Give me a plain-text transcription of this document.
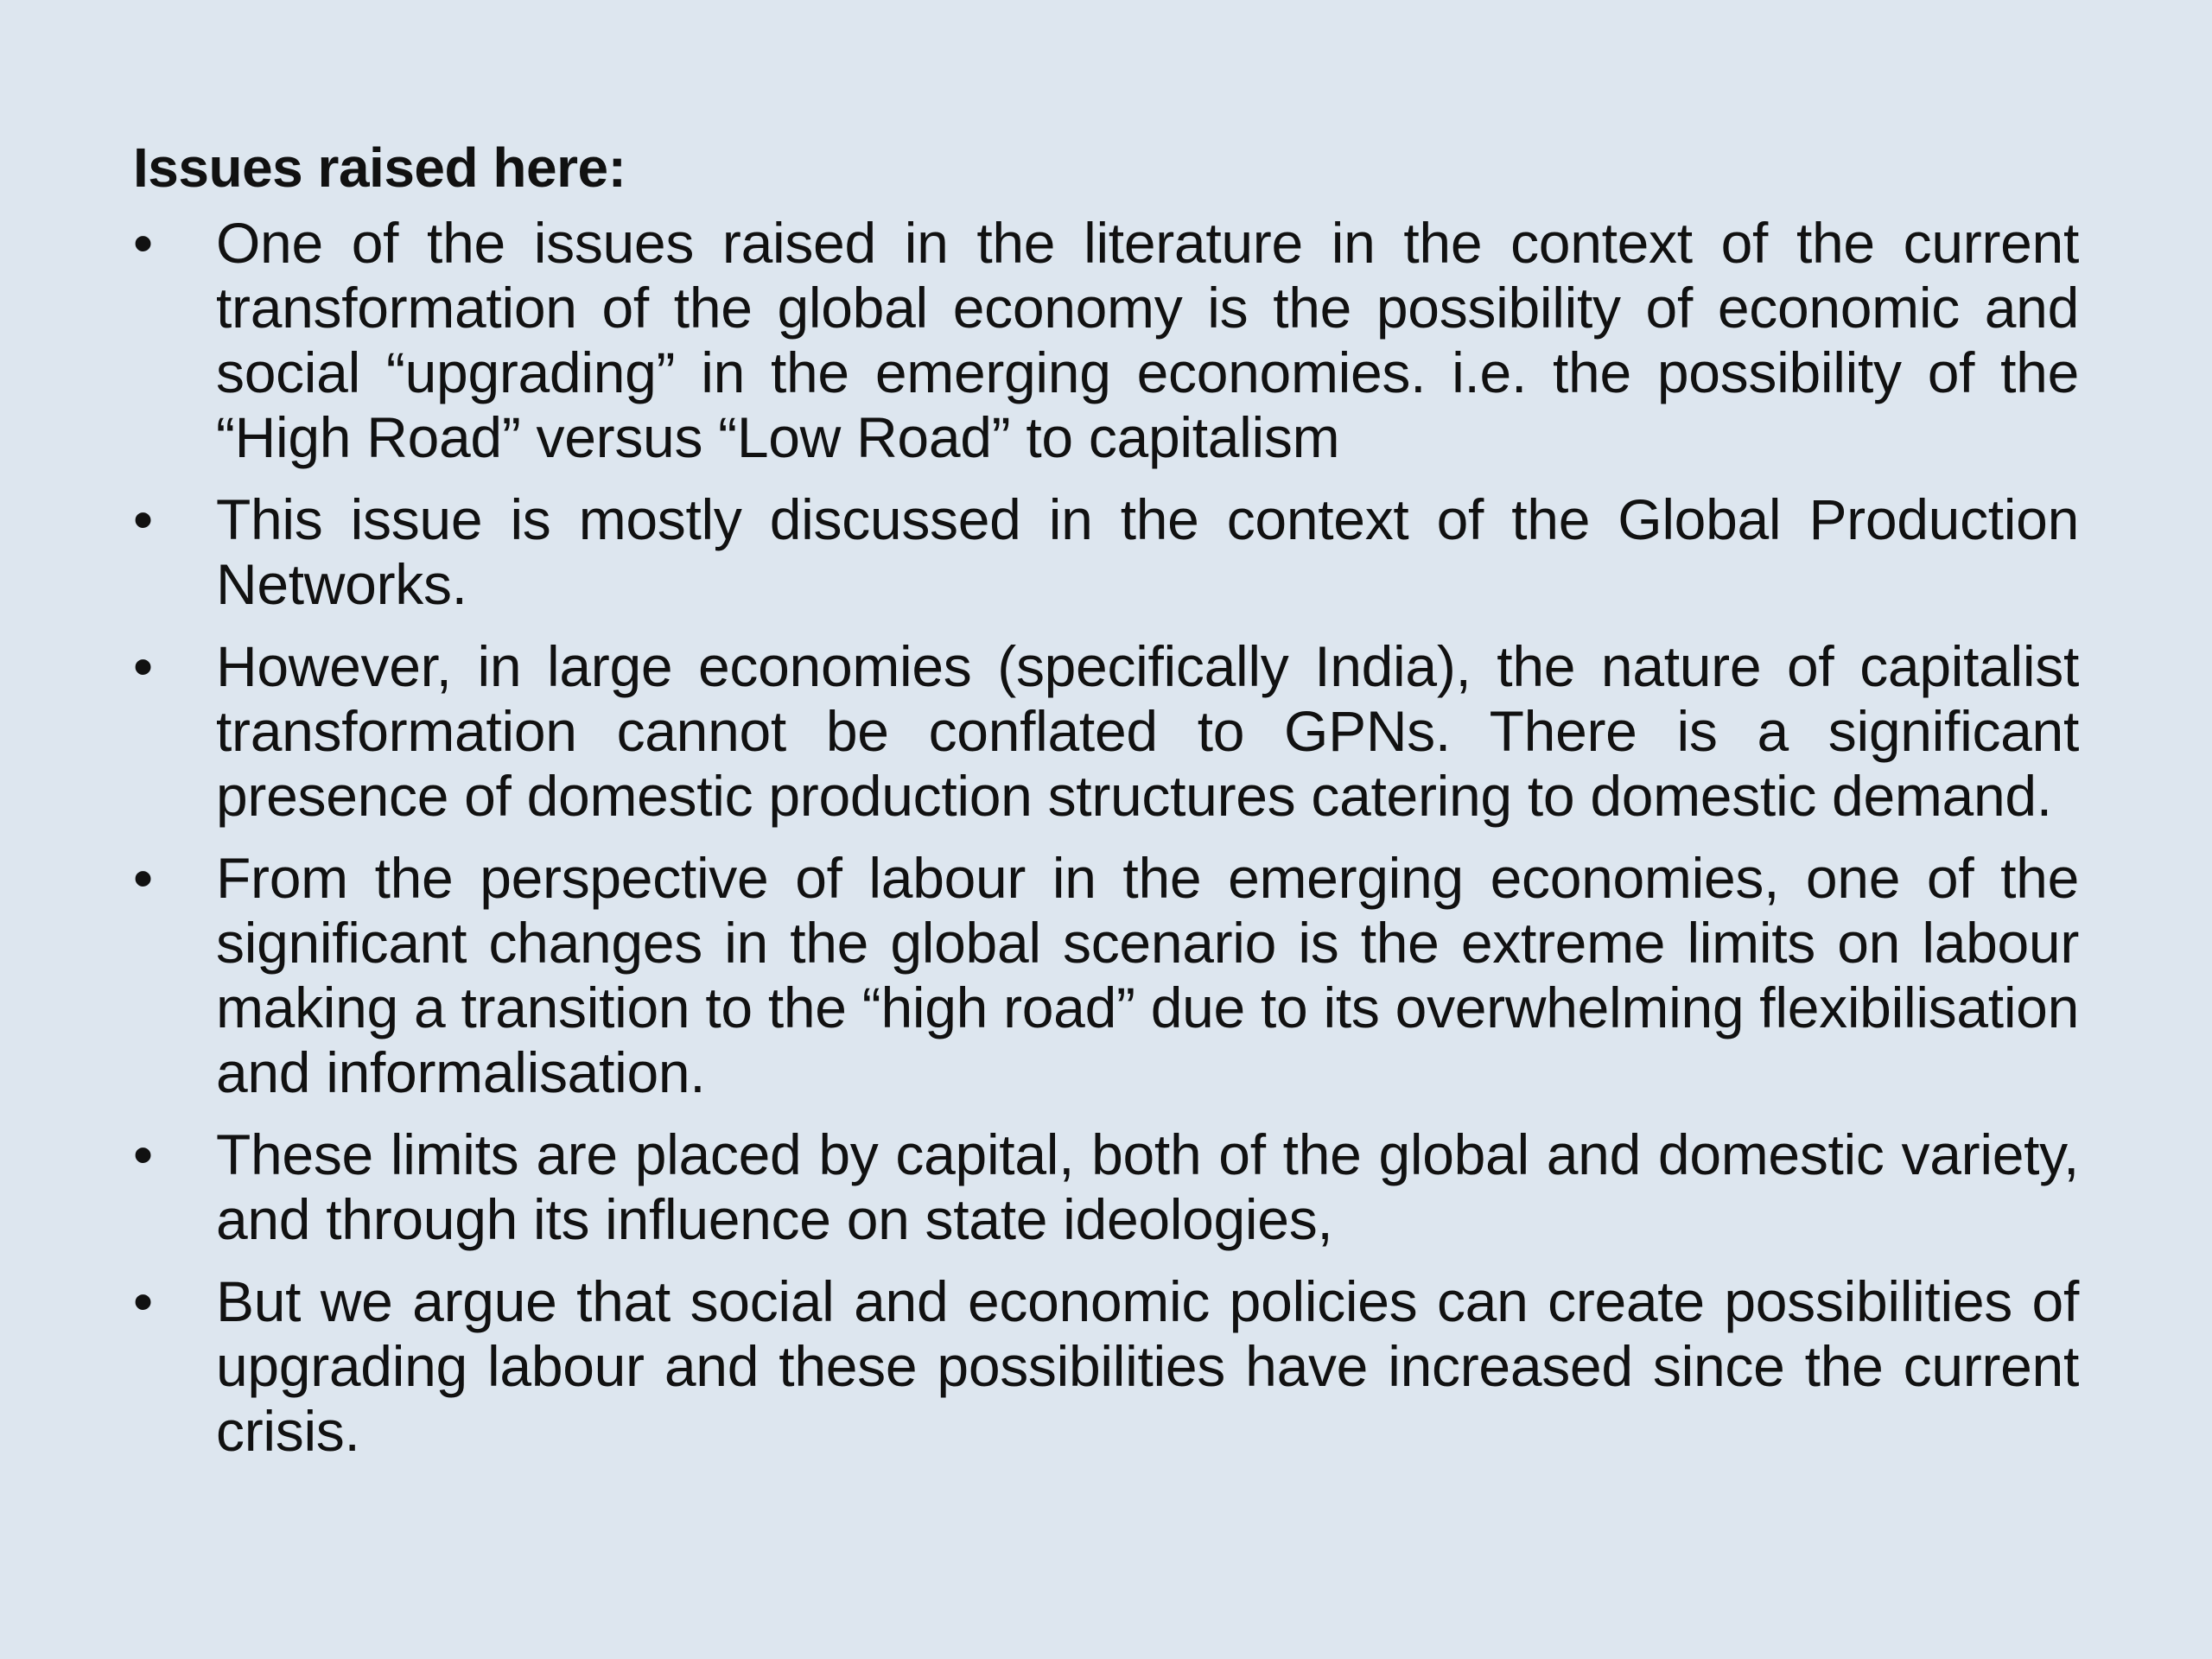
Issues raised here:
• One of the issues raised in the literature in the context of the current transformation of the global economy is the possibility of economic and social “upgrading” in the emerging economies. i.e. the possibility of the “High Road” versus “Low Road” to capitalism
• This issue is mostly discussed in the context of the Global Production Networks.
• However, in large economies (specifically India), the nature of capitalist transformation cannot be conflated to GPNs. There is a significant presence of domestic production structures catering to domestic demand.
• From the perspective of labour in the emerging economies, one of the significant changes in the global scenario is the extreme limits on labour making a transition to the “high road” due to its overwhelming flexibilisation and informalisation.
• These limits are placed by capital, both of the global and domestic variety, and through its influence on state ideologies,
• But we argue that social and economic policies can create possibilities of upgrading labour and these possibilities have increased since the current crisis.
